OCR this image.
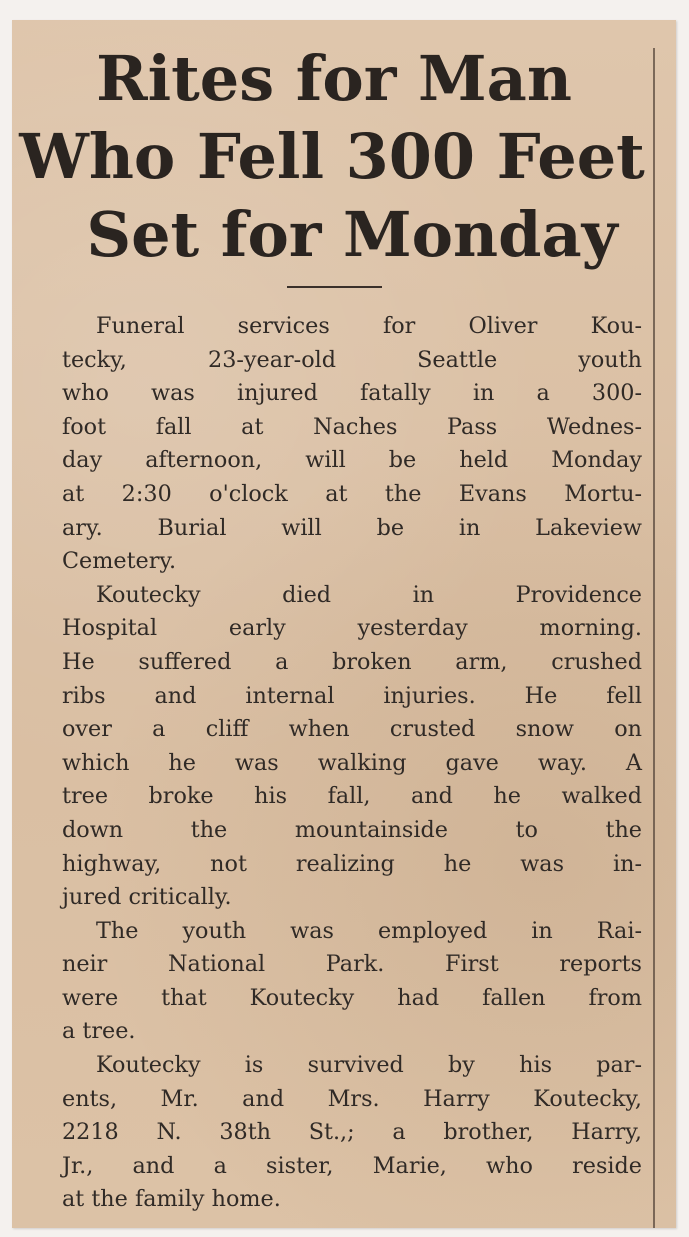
Rites for Man
Who Fell 300 Feet
Set for Monday

Funeral services for Oliver Kou-
tecky, 23-year-old Seattle youth
who was injured fatally in a 300-
foot fall at Naches Pass Wednes-
day afternoon, will be held Monday
at 2:30 o'clock at the Evans Mortu-
ary. Burial will be in Lakeview
Cemetery.

Koutecky died in Providence
Hospital early yesterday morning.
He suffered a broken arm, crushed
ribs and internal injuries. He fell
over a cliff when crusted snow on
which he was walking gave way. A
tree broke his fall, and he walked
down the mountainside to the
highway, not realizing he was in-
jured critically.

The youth was employed in Rai-
neir National Park. First reports
were that Koutecky had fallen from
a tree.

Koutecky is survived by his par-
ents, Mr. and Mrs. Harry Koutecky,
2218 N. 38th St.,; a brother, Harry,
Jr., and a sister, Marie, who reside
at the family home.
